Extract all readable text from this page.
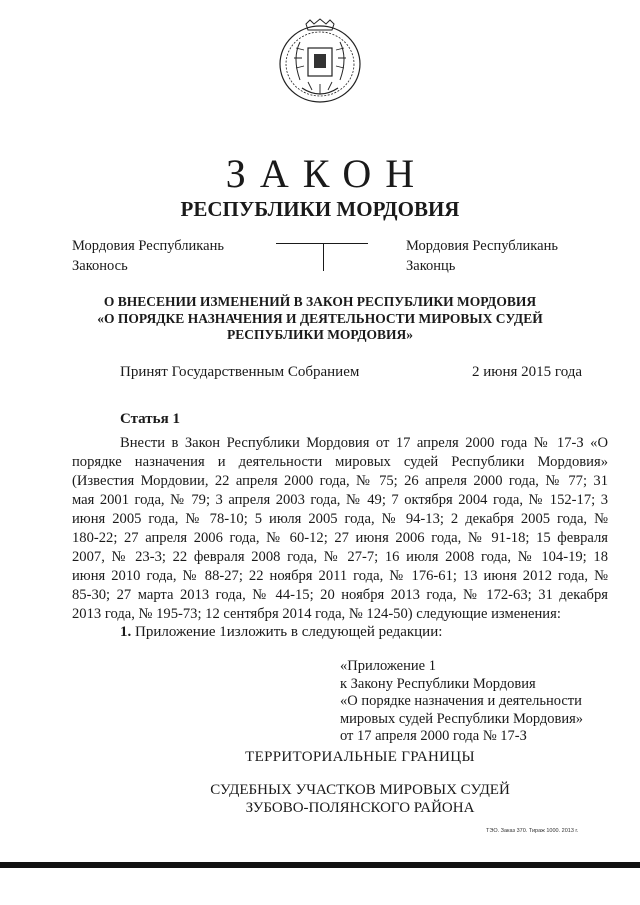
ЗАКОН
РЕСПУБЛИКИ МОРДОВИЯ
Мордовия Республикань
Законось
Мордовия Республикань
Законць
О ВНЕСЕНИИ ИЗМЕНЕНИЙ В ЗАКОН РЕСПУБЛИКИ МОРДОВИЯ
«О ПОРЯДКЕ НАЗНАЧЕНИЯ И ДЕЯТЕЛЬНОСТИ МИРОВЫХ СУДЕЙ
РЕСПУБЛИКИ МОРДОВИЯ»
Принят Государственным Собранием	2 июня 2015 года
Статья 1
Внести в Закон Республики Мордовия от 17 апреля 2000 года № 17-З «О
порядке назначения и деятельности мировых судей Республики Мордовия»
(Известия Мордовии, 22 апреля 2000 года, № 75; 26 апреля 2000 года, № 77; 31
мая 2001 года, № 79; 3 апреля 2003 года, № 49; 7 октября 2004 года, № 152-17; 3
июня 2005 года, № 78-10; 5 июля 2005 года, № 94-13; 2 декабря 2005 года, №
180-22; 27 апреля 2006 года, № 60-12; 27 июня 2006 года, № 91-18; 15 февраля
2007, № 23-3; 22 февраля 2008 года, № 27-7; 16 июля 2008 года, № 104-19; 18
июня 2010 года, № 88-27; 22 ноября 2011 года, № 176-61; 13 июня 2012 года, №
85-30; 27 марта 2013 года, № 44-15; 20 ноября 2013 года, № 172-63; 31 декабря
2013 года, № 195-73; 12 сентября 2014 года, № 124-50) следующие изменения:
1. Приложение 1изложить в следующей редакции:
«Приложение 1
к Закону Республики Мордовия
«О порядке назначения и деятельности
мировых судей Республики Мордовия»
от 17 апреля 2000 года № 17-З
ТЕРРИТОРИАЛЬНЫЕ ГРАНИЦЫ
СУДЕБНЫХ УЧАСТКОВ МИРОВЫХ СУДЕЙ
ЗУБОВО-ПОЛЯНСКОГО РАЙОНА
ТЭО. Заказ 370. Тираж 1000. 2013 г.
